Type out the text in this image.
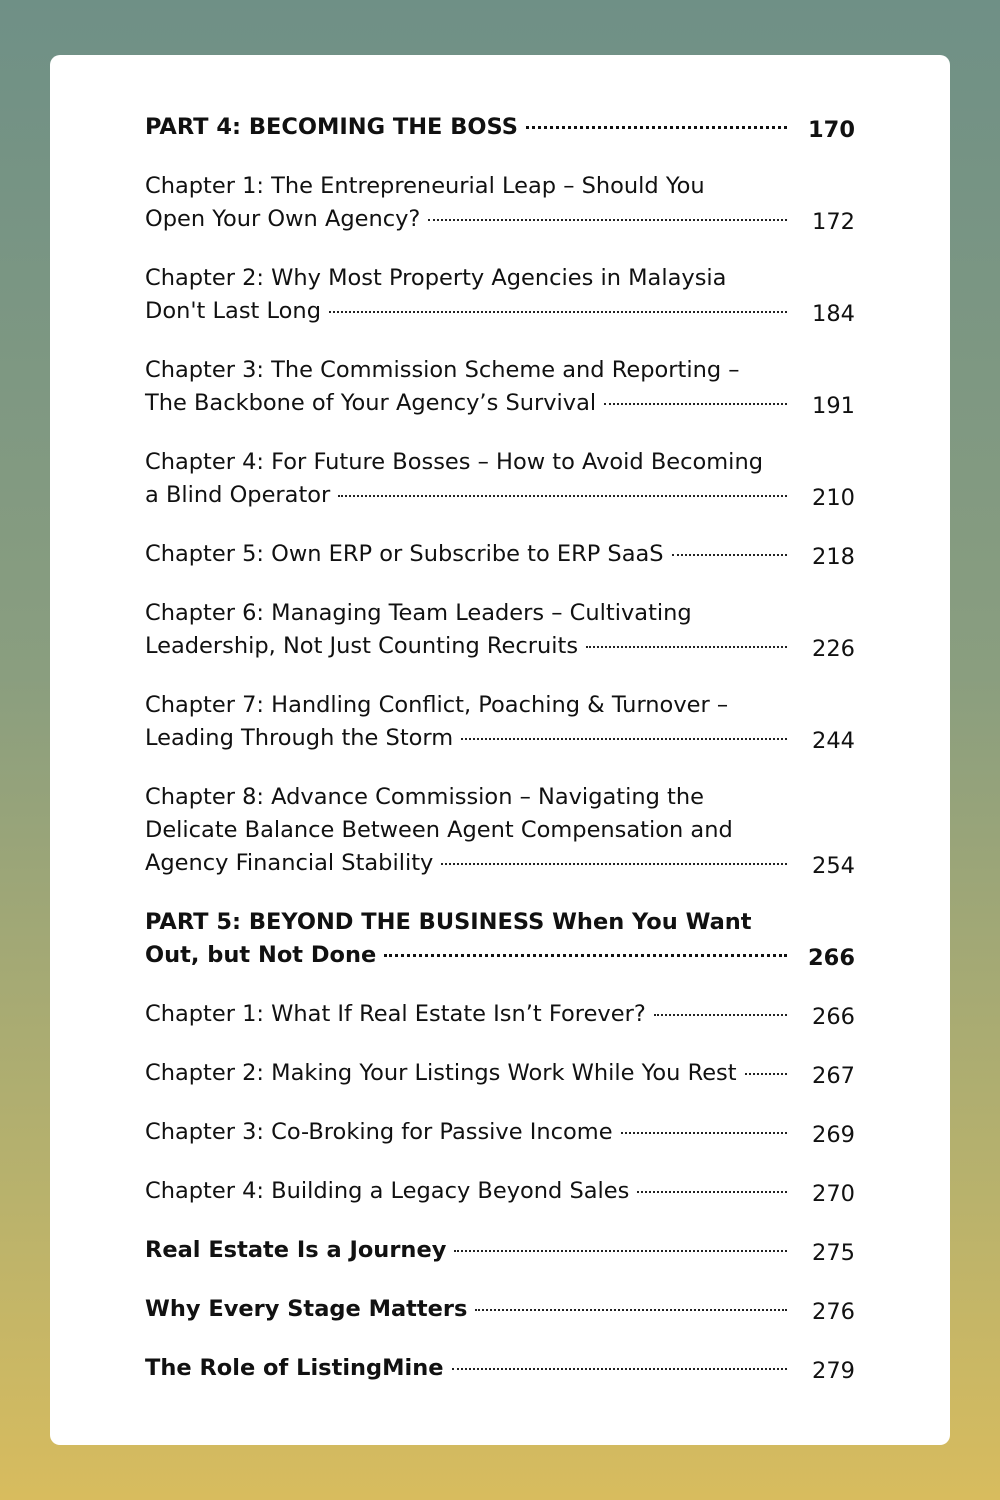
PART 4: BECOMING THE BOSS	170
Chapter 1: The Entrepreneurial Leap – Should You
Open Your Own Agency?	172
Chapter 2: Why Most Property Agencies in Malaysia
Don't Last Long	184
Chapter 3: The Commission Scheme and Reporting –
The Backbone of Your Agency’s Survival	191
Chapter 4: For Future Bosses – How to Avoid Becoming
a Blind Operator	210
Chapter 5: Own ERP or Subscribe to ERP SaaS	218
Chapter 6: Managing Team Leaders – Cultivating
Leadership, Not Just Counting Recruits	226
Chapter 7: Handling Conflict, Poaching & Turnover –
Leading Through the Storm	244
Chapter 8: Advance Commission – Navigating the
Delicate Balance Between Agent Compensation and
Agency Financial Stability	254
PART 5: BEYOND THE BUSINESS When You Want
Out, but Not Done	266
Chapter 1: What If Real Estate Isn’t Forever?	266
Chapter 2: Making Your Listings Work While You Rest	267
Chapter 3: Co-Broking for Passive Income	269
Chapter 4: Building a Legacy Beyond Sales	270
Real Estate Is a Journey	275
Why Every Stage Matters	276
The Role of ListingMine	279
